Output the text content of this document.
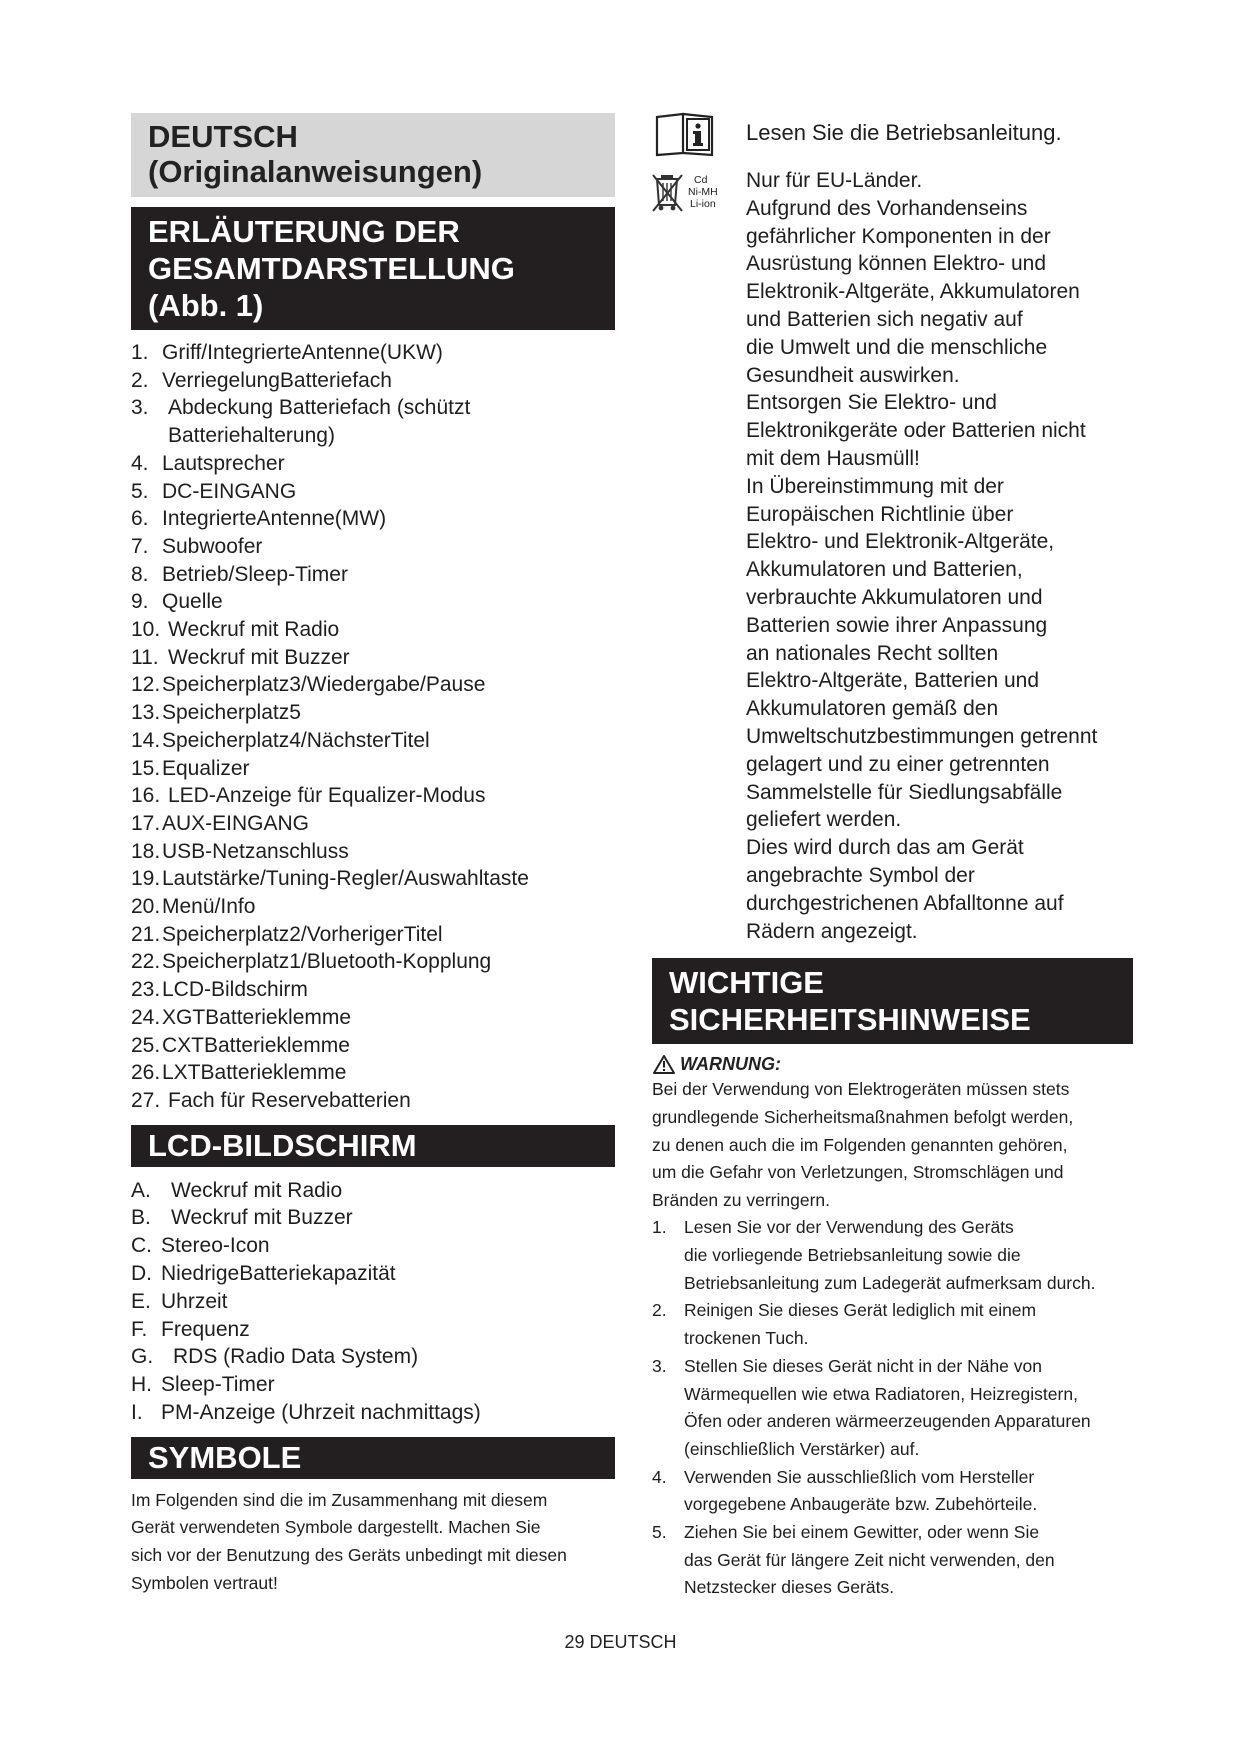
DEUTSCH
(Originalanweisungen)
ERLÄUTERUNG DER
GESAMTDARSTELLUNG
(Abb. 1)
1. Griff/IntegrierteAntenne(UKW)
2. VerriegelungBatteriefach
3. Abdeckung Batteriefach (schützt
Batteriehalterung)
4. Lautsprecher
5. DC-EINGANG
6. IntegrierteAntenne(MW)
7. Subwoofer
8. Betrieb/Sleep-Timer
9. Quelle
10. Weckruf mit Radio
11. Weckruf mit Buzzer
12. Speicherplatz3/Wiedergabe/Pause
13. Speicherplatz5
14. Speicherplatz4/NächsterTitel
15. Equalizer
16. LED-Anzeige für Equalizer-Modus
17. AUX-EINGANG
18. USB-Netzanschluss
19. Lautstärke/Tuning-Regler/Auswahltaste
20. Menü/Info
21. Speicherplatz2/VorherigerTitel
22. Speicherplatz1/Bluetooth-Kopplung
23. LCD-Bildschirm
24. XGTBatterieklemme
25. CXTBatterieklemme
26. LXTBatterieklemme
27. Fach für Reservebatterien
LCD-BILDSCHIRM
A. Weckruf mit Radio
B. Weckruf mit Buzzer
C. Stereo-Icon
D. NiedrigeBatteriekapazität
E. Uhrzeit
F. Frequenz
G. RDS (Radio Data System)
H. Sleep-Timer
I. PM-Anzeige (Uhrzeit nachmittags)
SYMBOLE
Im Folgenden sind die im Zusammenhang mit diesem
Gerät verwendeten Symbole dargestellt. Machen Sie
sich vor der Benutzung des Geräts unbedingt mit diesen
Symbolen vertraut!
Lesen Sie die Betriebsanleitung.
Cd
Ni-MH
Li-ion
Nur für EU-Länder.
Aufgrund des Vorhandenseins
gefährlicher Komponenten in der
Ausrüstung können Elektro- und
Elektronik-Altgeräte, Akkumulatoren
und Batterien sich negativ auf
die Umwelt und die menschliche
Gesundheit auswirken.
Entsorgen Sie Elektro- und
Elektronikgeräte oder Batterien nicht
mit dem Hausmüll!
In Übereinstimmung mit der
Europäischen Richtlinie über
Elektro- und Elektronik-Altgeräte,
Akkumulatoren und Batterien,
verbrauchte Akkumulatoren und
Batterien sowie ihrer Anpassung
an nationales Recht sollten
Elektro-Altgeräte, Batterien und
Akkumulatoren gemäß den
Umweltschutzbestimmungen getrennt
gelagert und zu einer getrennten
Sammelstelle für Siedlungsabfälle
geliefert werden.
Dies wird durch das am Gerät
angebrachte Symbol der
durchgestrichenen Abfalltonne auf
Rädern angezeigt.
WICHTIGE
SICHERHEITSHINWEISE
WARNUNG:
Bei der Verwendung von Elektrogeräten müssen stets
grundlegende Sicherheitsmaßnahmen befolgt werden,
zu denen auch die im Folgenden genannten gehören,
um die Gefahr von Verletzungen, Stromschlägen und
Bränden zu verringern.
1. Lesen Sie vor der Verwendung des Geräts
die vorliegende Betriebsanleitung sowie die
Betriebsanleitung zum Ladegerät aufmerksam durch.
2. Reinigen Sie dieses Gerät lediglich mit einem
trockenen Tuch.
3. Stellen Sie dieses Gerät nicht in der Nähe von
Wärmequellen wie etwa Radiatoren, Heizregistern,
Öfen oder anderen wärmeerzeugenden Apparaturen
(einschließlich Verstärker) auf.
4. Verwenden Sie ausschließlich vom Hersteller
vorgegebene Anbaugeräte bzw. Zubehörteile.
5. Ziehen Sie bei einem Gewitter, oder wenn Sie
das Gerät für längere Zeit nicht verwenden, den
Netzstecker dieses Geräts.
29 DEUTSCH
